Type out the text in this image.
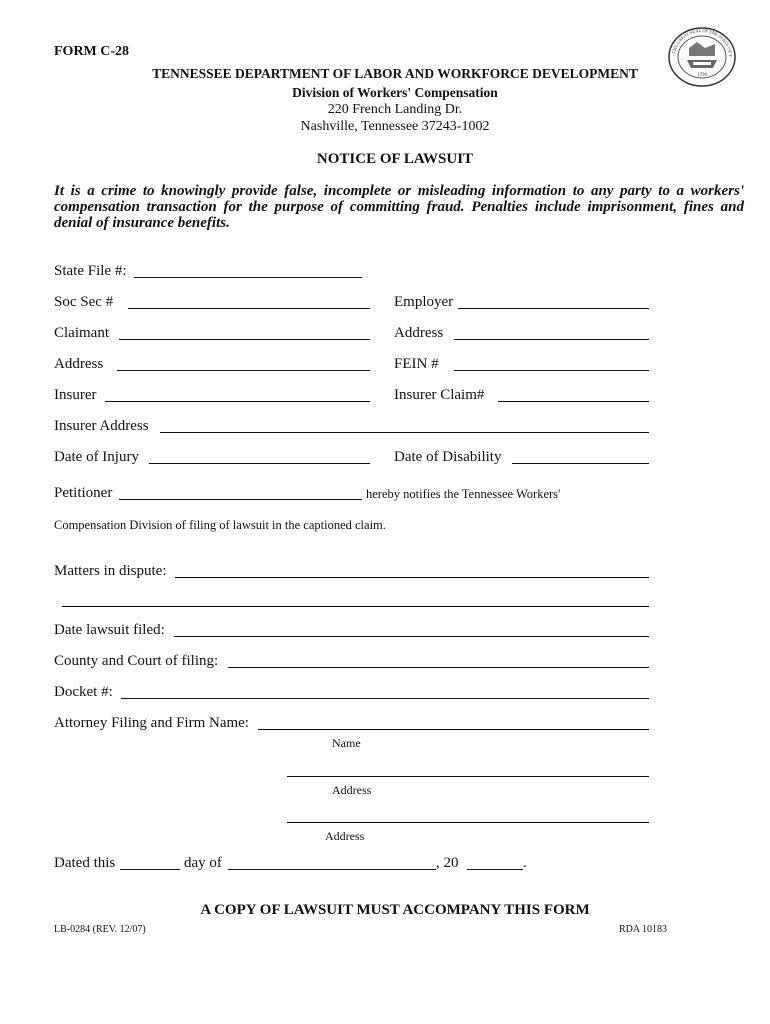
FORM C-28
1796
THE GREAT SEAL OF THE STATE OF T
TENNESSEE DEPARTMENT OF LABOR AND WORKFORCE DEVELOPMENT
Division of Workers' Compensation
220 French Landing Dr.
Nashville, Tennessee 37243-1002
NOTICE OF LAWSUIT
It is a crime to knowingly provide false, incomplete or misleading information to any party to a workers' compensation transaction for the purpose of committing fraud. Penalties include imprisonment, fines and denial of insurance benefits.
State File #:
Soc Sec #	Employer
Claimant	Address
Address	FEIN #
Insurer	Insurer Claim#
Insurer Address
Date of Injury	Date of Disability
Petitioner	hereby notifies the Tennessee Workers'
Compensation Division of filing of lawsuit in the captioned claim.
Matters in dispute:
Date lawsuit filed:
County and Court of filing:
Docket #:
Attorney Filing and Firm Name:
Name
Address
Address
Dated this	day of	, 20	.
A COPY OF LAWSUIT MUST ACCOMPANY THIS FORM
LB-0284 (REV. 12/07)	RDA 10183
